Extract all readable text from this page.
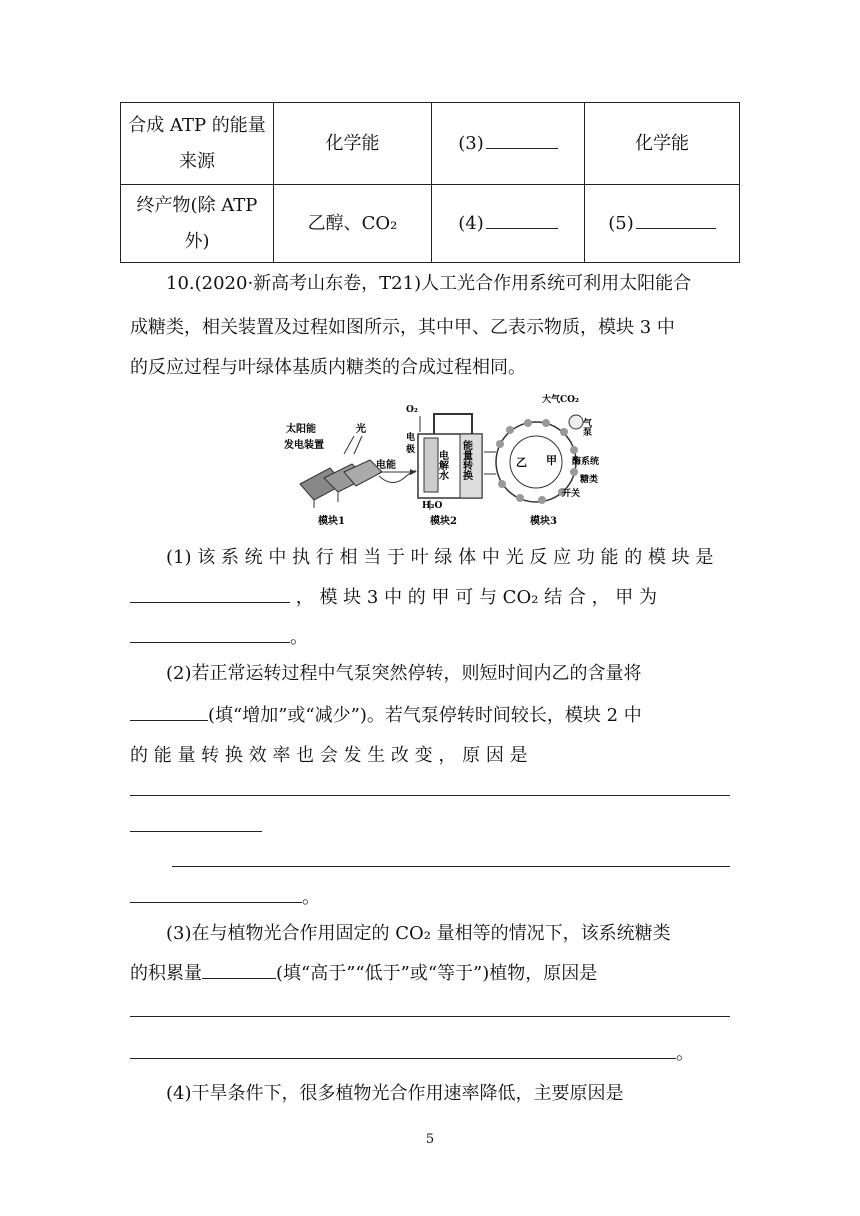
合成 ATP 的能量来源	化学能	(3)	化学能
终产物(除 ATP 外)	乙醇、CO₂	(4)	(5)
10.(2020·新高考山东卷，T21)人工光合作用系统可利用太阳能合
成糖类，相关装置及过程如图所示，其中甲、乙表示物质，模块 3 中
的反应过程与叶绿体基质内糖类的合成过程相同。
太阳能
发电装置
光
电能
O₂
电
极 电解水 能量转换
H₂O
乙 甲
大气CO₂
气泵
酶系统
糖类
开关
模块1	模块2	模块3
(1) 该 系 统 中 执 行 相 当 于 叶 绿 体 中 光 反 应 功 能 的 模 块 是
， 模 块 3 中 的 甲 可 与 CO₂ 结 合 ， 甲 为
。
(2)若正常运转过程中气泵突然停转，则短时间内乙的含量将
(填“增加”或“减少”)。若气泵停转时间较长，模块 2 中
的 能 量 转 换 效 率 也 会 发 生 改 变 ， 原 因 是
。
(3)在与植物光合作用固定的 CO₂ 量相等的情况下，该系统糖类
的积累量	(填“高于”“低于”或“等于”)植物，原因是
。
(4)干旱条件下，很多植物光合作用速率降低，主要原因是
5
